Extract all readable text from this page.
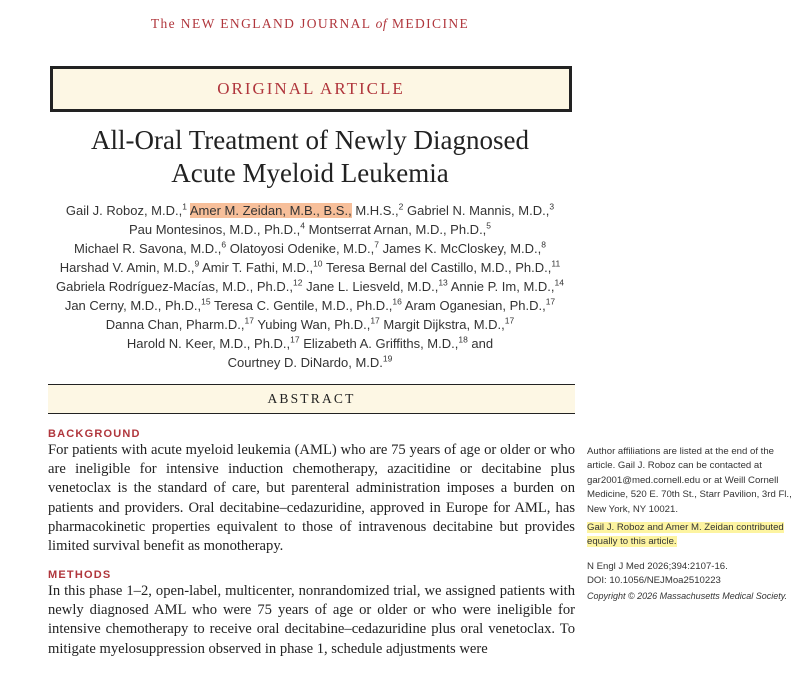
The NEW ENGLAND JOURNAL of MEDICINE
ORIGINAL ARTICLE
All-Oral Treatment of Newly Diagnosed
Acute Myeloid Leukemia
Gail J. Roboz, M.D.,$^1$ Amer M. Zeidan, M.B., B.S., M.H.S.,$^2$ Gabriel N. Mannis, M.D.,$^3$
Pau Montesinos, M.D., Ph.D.,$^4$ Montserrat Arnan, M.D., Ph.D.,$^5$
Michael R. Savona, M.D.,$^6$ Olatoyosi Odenike, M.D.,$^7$ James K. McCloskey, M.D.,$^8$
Harshad V. Amin, M.D.,$^9$ Amir T. Fathi, M.D.,$^{10}$ Teresa Bernal del Castillo, M.D., Ph.D.,$^{11}$
Gabriela Rodríguez-Macías, M.D., Ph.D.,$^{12}$ Jane L. Liesveld, M.D.,$^{13}$ Annie P. Im, M.D.,$^{14}$
Jan Cerny, M.D., Ph.D.,$^{15}$ Teresa C. Gentile, M.D., Ph.D.,$^{16}$ Aram Oganesian, Ph.D.,$^{17}$
Danna Chan, Pharm.D.,$^{17}$ Yubing Wan, Ph.D.,$^{17}$ Margit Dijkstra, M.D.,$^{17}$
Harold N. Keer, M.D., Ph.D.,$^{17}$ Elizabeth A. Griffiths, M.D.,$^{18}$ and
Courtney D. DiNardo, M.D.$^{19}$
ABSTRACT
BACKGROUND
For patients with acute myeloid leukemia (AML) who are 75 years of age or older or who are ineligible for intensive induction chemotherapy, azacitidine or decitabine plus venetoclax is the standard of care, but parenteral administration imposes a burden on patients and providers. Oral decitabine–cedazuridine, approved in Europe for AML, has pharmacokinetic properties equivalent to those of intravenous decitabine but provides limited survival benefit as monotherapy.
METHODS
In this phase 1–2, open-label, multicenter, nonrandomized trial, we assigned patients with newly diagnosed AML who were 75 years of age or older or who were ineligible for intensive chemotherapy to receive oral decitabine–cedazuridine plus oral venetoclax. To mitigate myelosuppression observed in phase 1, schedule adjustments were
Author affiliations are listed at the end of the article. Gail J. Roboz can be contacted at gar2001@med.cornell.edu or at Weill Cornell Medicine, 520 E. 70th St., Starr Pavilion, 3rd Fl., New York, NY 10021.
Gail J. Roboz and Amer M. Zeidan contributed equally to this article.
N Engl J Med 2026;394:2107-16.
DOI: 10.1056/NEJMoa2510223
Copyright © 2026 Massachusetts Medical Society.
